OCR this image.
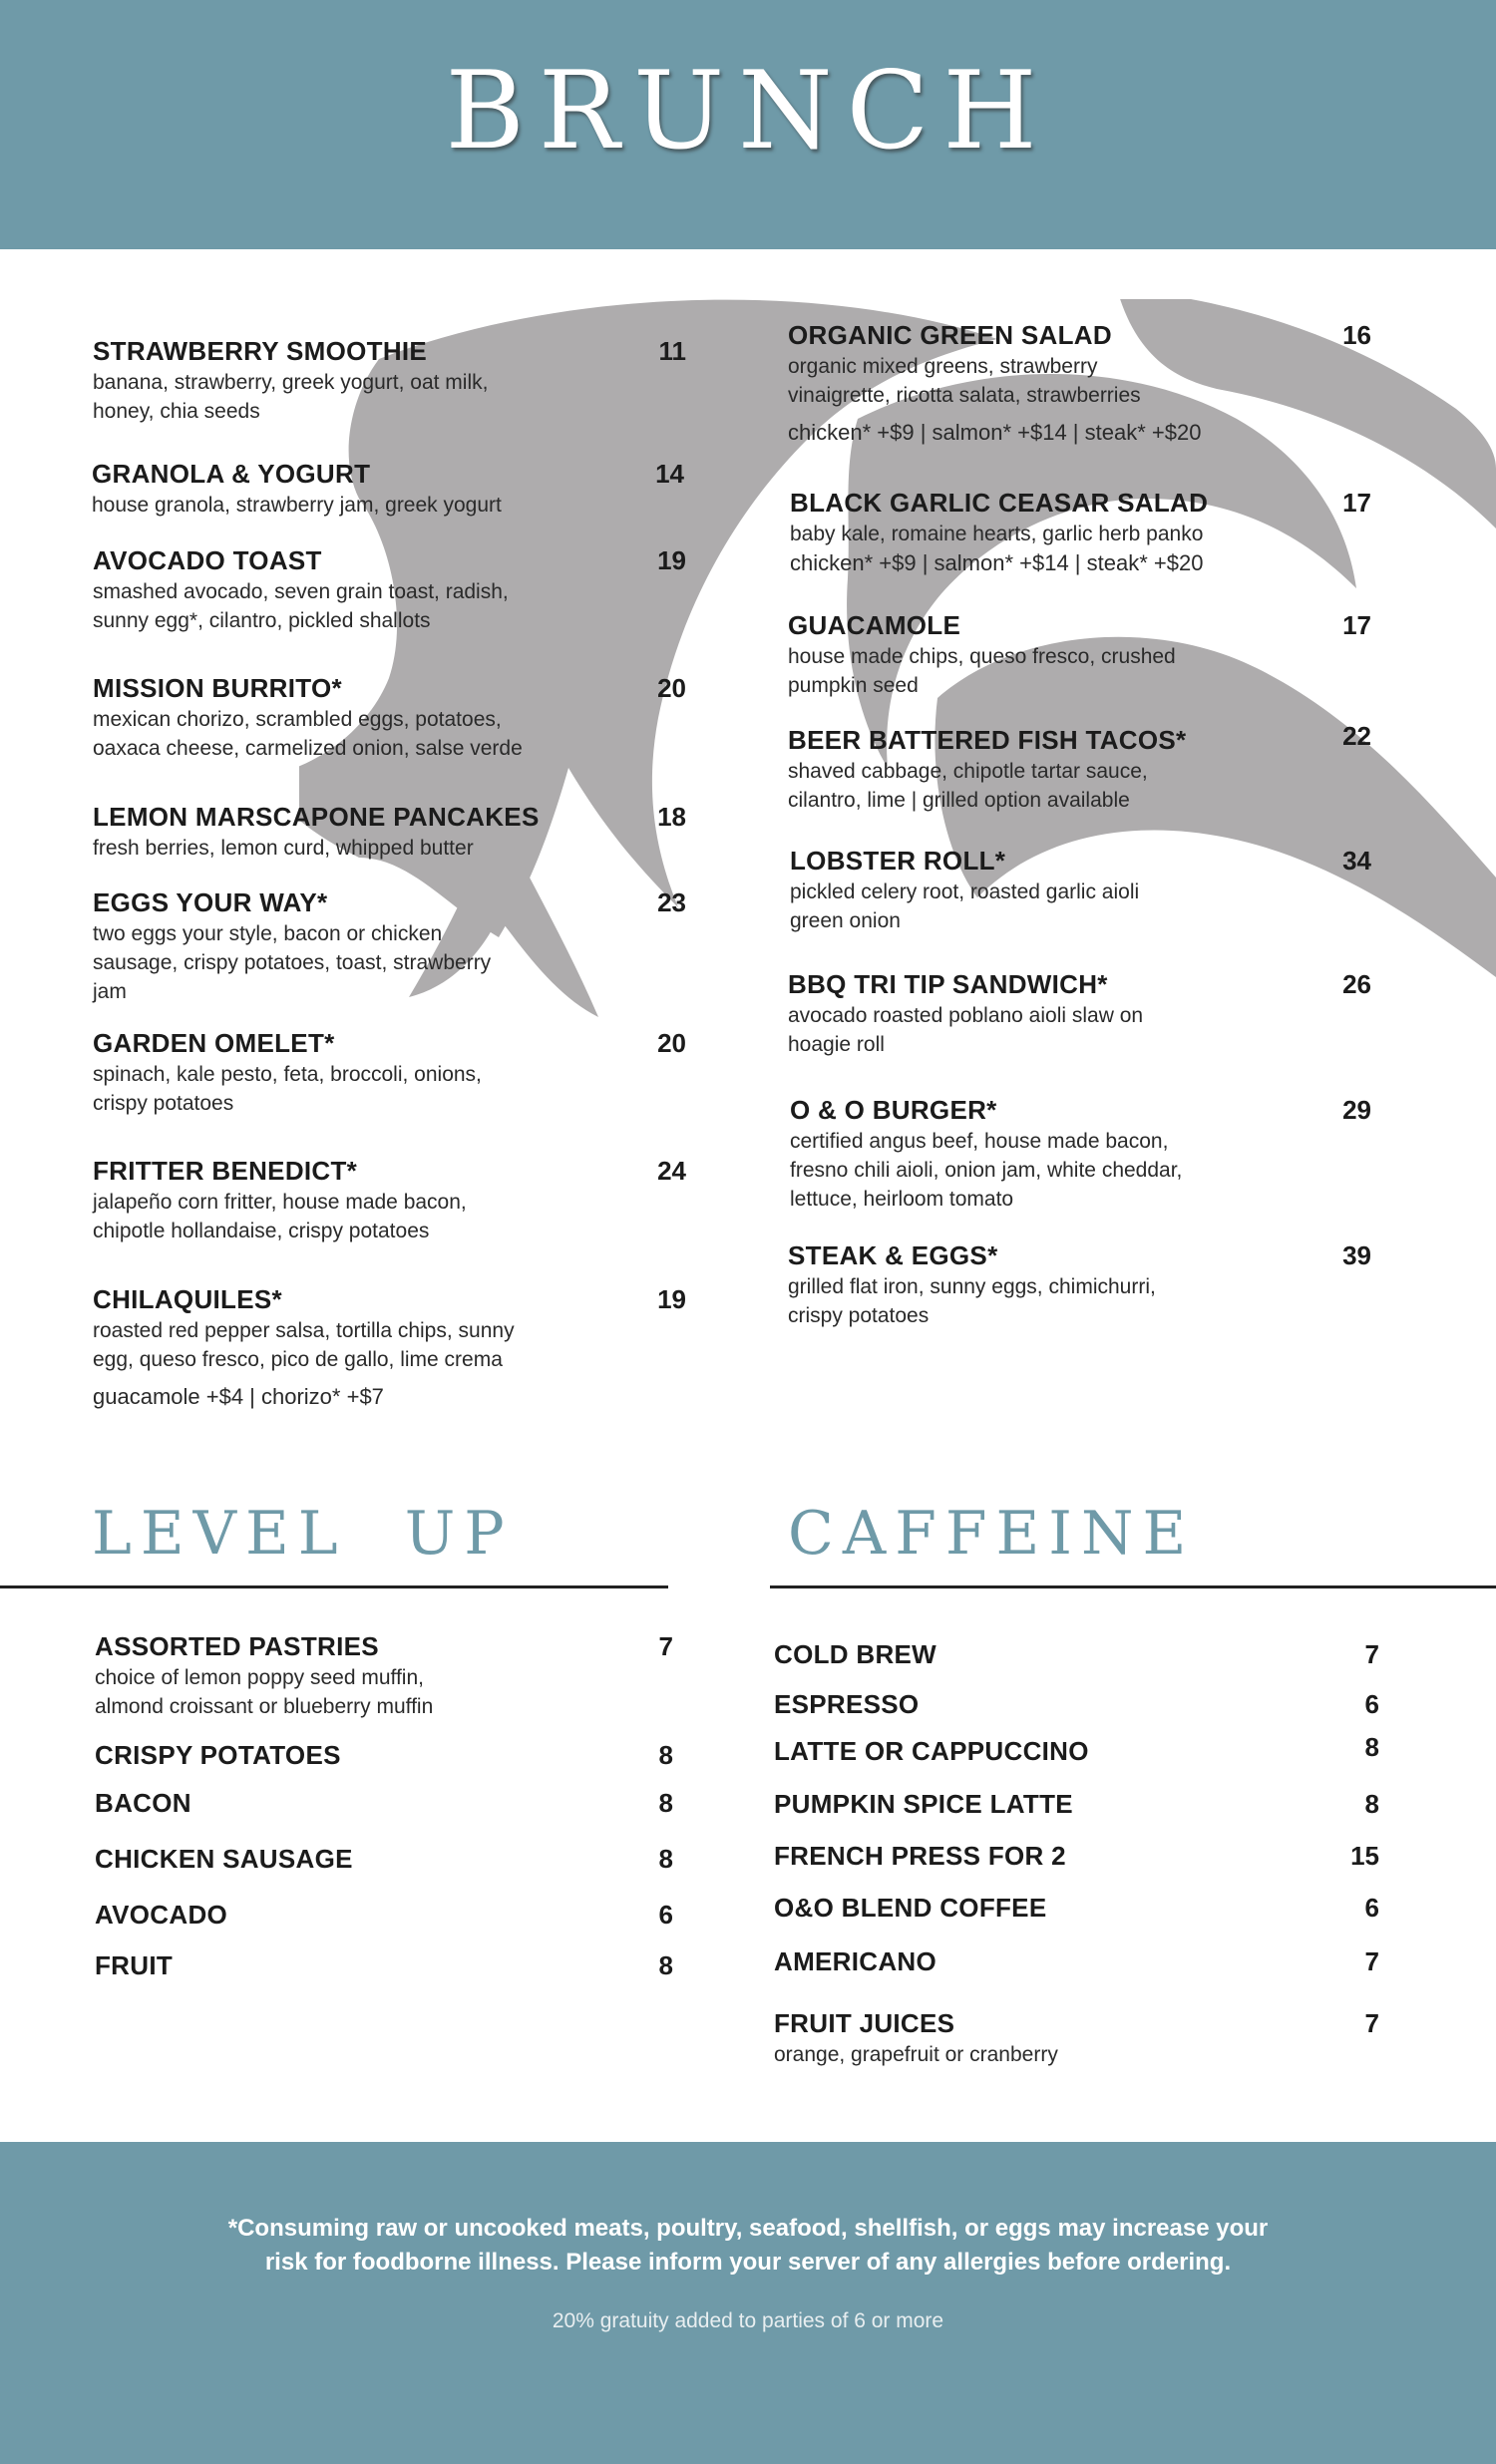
BRUNCH
STRAWBERRY SMOOTHIE	11
banana, strawberry, greek yogurt, oat milk,
honey, chia seeds
GRANOLA & YOGURT	14
house granola, strawberry jam, greek yogurt
AVOCADO TOAST	19
smashed avocado, seven grain toast, radish,
sunny egg*, cilantro, pickled shallots
MISSION BURRITO*	20
mexican chorizo, scrambled eggs, potatoes,
oaxaca cheese, carmelized onion, salse verde
LEMON MARSCAPONE PANCAKES	18
fresh berries, lemon curd, whipped butter
EGGS YOUR WAY*	23
two eggs your style, bacon or chicken
sausage, crispy potatoes, toast, strawberry
jam
GARDEN OMELET*	20
spinach, kale pesto, feta, broccoli, onions,
crispy potatoes
FRITTER BENEDICT*	24
jalapeño corn fritter, house made bacon,
chipotle hollandaise, crispy potatoes
CHILAQUILES*	19
roasted red pepper salsa, tortilla chips, sunny
egg, queso fresco, pico de gallo, lime crema
guacamole +$4 | chorizo* +$7
ORGANIC GREEN SALAD	16
organic mixed greens, strawberry
vinaigrette, ricotta salata, strawberries
chicken* +$9 | salmon* +$14 | steak* +$20
BLACK GARLIC CEASAR SALAD	17
baby kale, romaine hearts, garlic herb panko
chicken* +$9 | salmon* +$14 | steak* +$20
GUACAMOLE	17
house made chips, queso fresco, crushed
pumpkin seed
BEER BATTERED FISH TACOS*	22
shaved cabbage, chipotle tartar sauce,
cilantro, lime | grilled option available
LOBSTER ROLL*	34
pickled celery root, roasted garlic aioli
green onion
BBQ TRI TIP SANDWICH*	26
avocado roasted poblano aioli slaw on
hoagie roll
O & O BURGER*	29
certified angus beef, house made bacon,
fresno chili aioli, onion jam, white cheddar,
lettuce, heirloom tomato
STEAK & EGGS*	39
grilled flat iron, sunny eggs, chimichurri,
crispy potatoes
LEVEL UP
ASSORTED PASTRIES	7
choice of lemon poppy seed muffin,
almond croissant or blueberry muffin
CRISPY POTATOES	8
BACON	8
CHICKEN SAUSAGE	8
AVOCADO	6
FRUIT	8
CAFFEINE
COLD BREW	7
ESPRESSO	6
LATTE OR CAPPUCCINO	8
PUMPKIN SPICE LATTE	8
FRENCH PRESS FOR 2	15
O&O BLEND COFFEE	6
AMERICANO	7
FRUIT JUICES	7
orange, grapefruit or cranberry
*Consuming raw or uncooked meats, poultry, seafood, shellfish, or eggs may increase your
risk for foodborne illness. Please inform your server of any allergies before ordering.
20% gratuity added to parties of 6 or more
